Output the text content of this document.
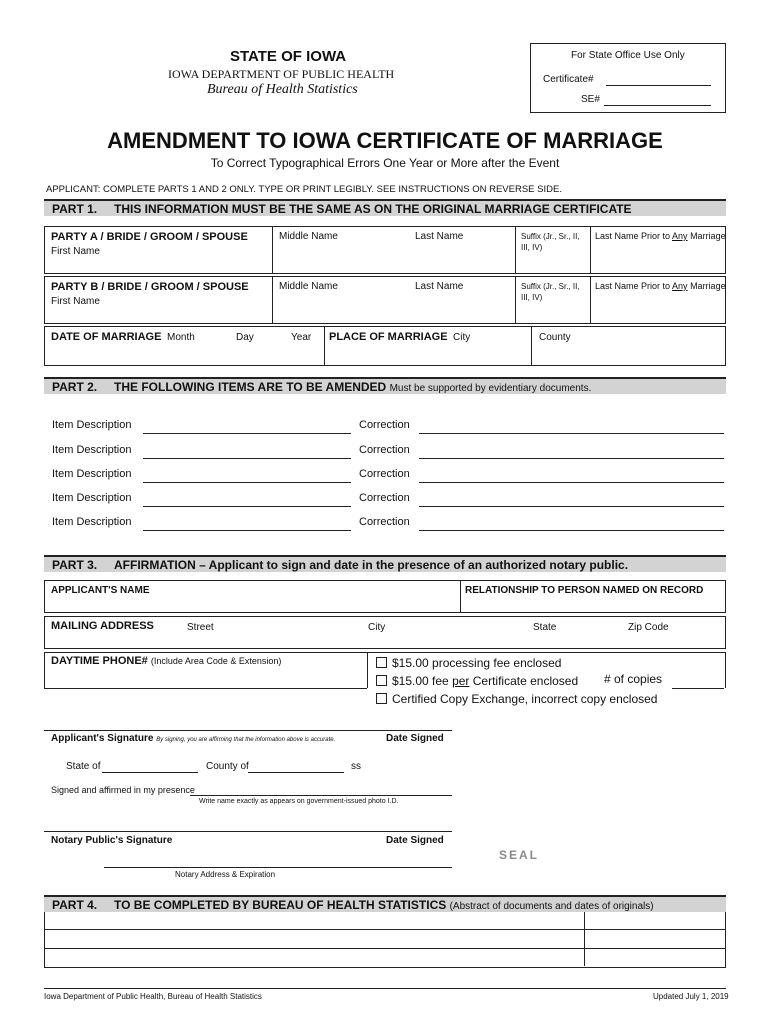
STATE OF IOWA
IOWA DEPARTMENT OF PUBLIC HEALTH
Bureau of Health Statistics
For State Office Use Only
Certificate#
SE#
AMENDMENT TO IOWA CERTIFICATE OF MARRIAGE
To Correct Typographical Errors One Year or More after the Event
APPLICANT: COMPLETE PARTS 1 AND 2 ONLY. TYPE OR PRINT LEGIBLY. SEE INSTRUCTIONS ON REVERSE SIDE.
PART 1. THIS INFORMATION MUST BE THE SAME AS ON THE ORIGINAL MARRIAGE CERTIFICATE
PARTY A / BRIDE / GROOM / SPOUSE
First Name
Middle Name	Last Name	Suffix (Jr., Sr., II,
III, IV)
Last Name Prior to Any Marriage
PARTY B / BRIDE / GROOM / SPOUSE
First Name
Middle Name	Last Name	Suffix (Jr., Sr., II,
III, IV)
Last Name Prior to Any Marriage
DATE OF MARRIAGE Month	Day	Year PLACE OF MARRIAGE City	County
PART 2. THE FOLLOWING ITEMS ARE TO BE AMENDED Must be supported by evidentiary documents.
Item Description	Correction
Item Description	Correction
Item Description	Correction
Item Description	Correction
Item Description	Correction
PART 3. AFFIRMATION – Applicant to sign and date in the presence of an authorized notary public.
APPLICANT'S NAME	RELATIONSHIP TO PERSON NAMED ON RECORD
MAILING ADDRESS	Street	City	State	Zip Code
DAYTIME PHONE# (Include Area Code & Extension)	$15.00 processing fee enclosed
$15.00 fee per Certificate enclosed # of copies
Certified Copy Exchange, incorrect copy enclosed
Applicant's Signature By signing, you are affirming that the information above is accurate.	Date Signed
State of	County of	ss
Signed and affirmed in my presence
Write name exactly as appears on government-issued photo I.D.
Notary Public's Signature	Date Signed
SEAL
Notary Address & Expiration
PART 4. TO BE COMPLETED BY BUREAU OF HEALTH STATISTICS (Abstract of documents and dates of originals)
Iowa Department of Public Health, Bureau of Health Statistics	Updated July 1, 2019
